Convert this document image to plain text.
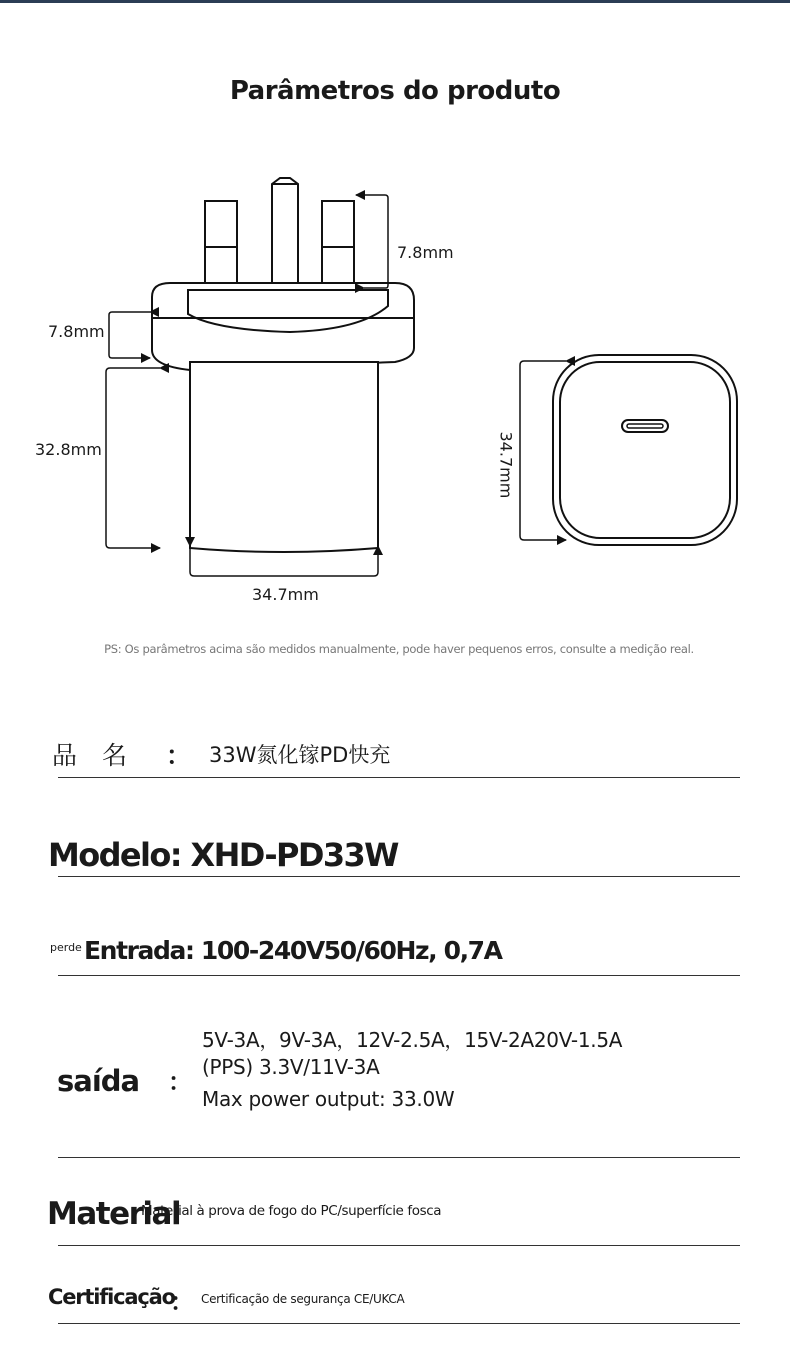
Parâmetros do produto
7.8mm
7.8mm
32.8mm
34.7mm
34.7mm
PS: Os parâmetros acima são medidos manualmente, pode haver pequenos erros, consulte a medição real.
品　名 ： 33W氮化镓PD快充
Modelo: XHD-PD33W
perde Entrada: 100-240V50/60Hz, 0,7A
saída ：
5V-3A，9V-3A，12V-2.5A，15V-2A20V-1.5A
(PPS) 3.3V/11V-3A
Max power output: 33.0W
Material
Material à prova de fogo do PC/superfície fosca
Certificação
： Certificação de segurança CE/UKCA
